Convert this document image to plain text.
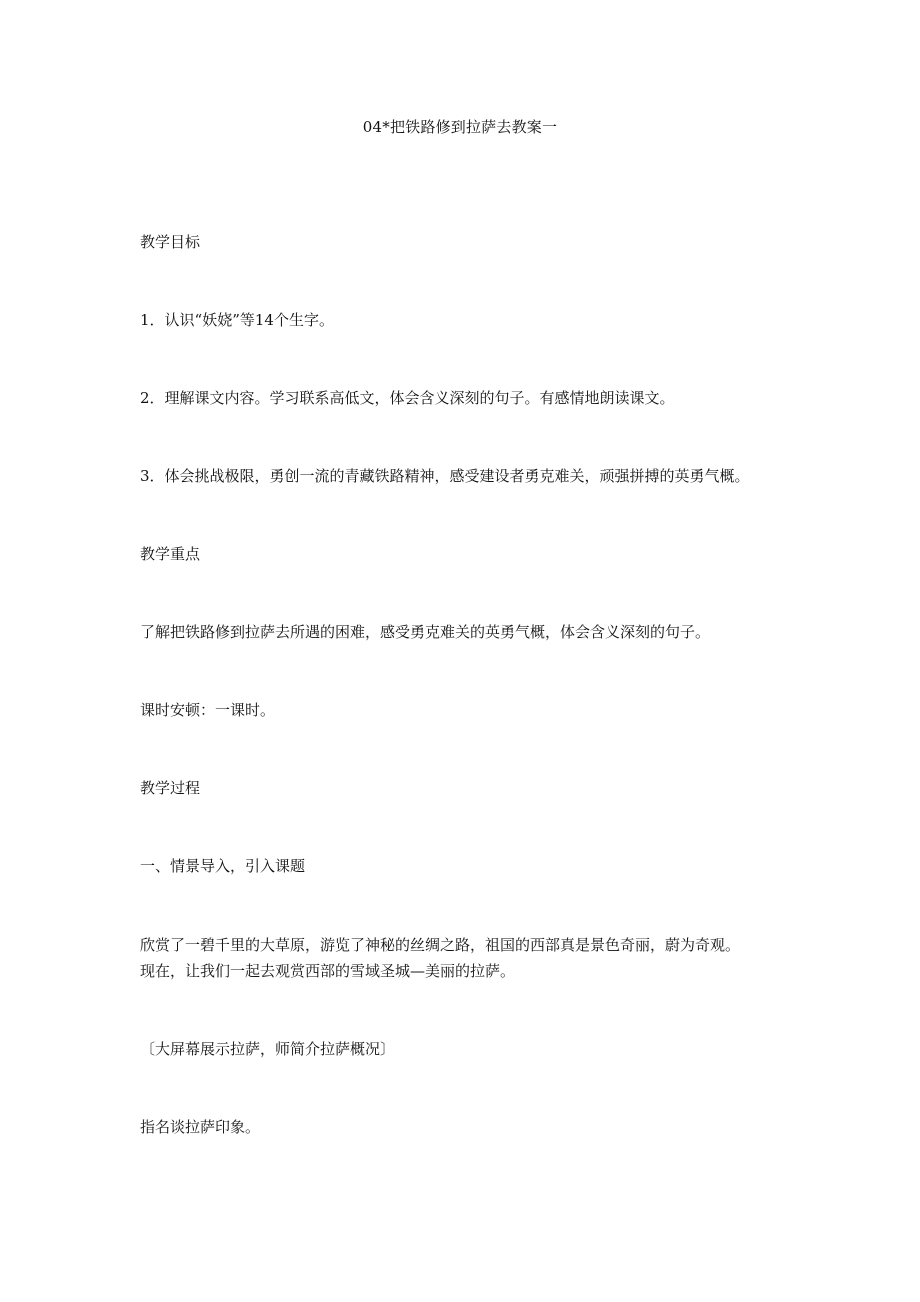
04*把铁路修到拉萨去教案一
教学目标
1．认识“妖娆”等14个生字。
2．理解课文内容。学习联系高低文，体会含义深刻的句子。有感情地朗读课文。
3．体会挑战极限，勇创一流的青藏铁路精神，感受建设者勇克难关，顽强拼搏的英勇气概。
教学重点
了解把铁路修到拉萨去所遇的困难，感受勇克难关的英勇气概，体会含义深刻的句子。
课时安顿：一课时。
教学过程
一、情景导入，引入课题
欣赏了一碧千里的大草原，游览了神秘的丝绸之路，祖国的西部真是景色奇丽，蔚为奇观。
现在，让我们一起去观赏西部的雪域圣城—美丽的拉萨。
〔大屏幕展示拉萨，师简介拉萨概况〕
指名谈拉萨印象。
